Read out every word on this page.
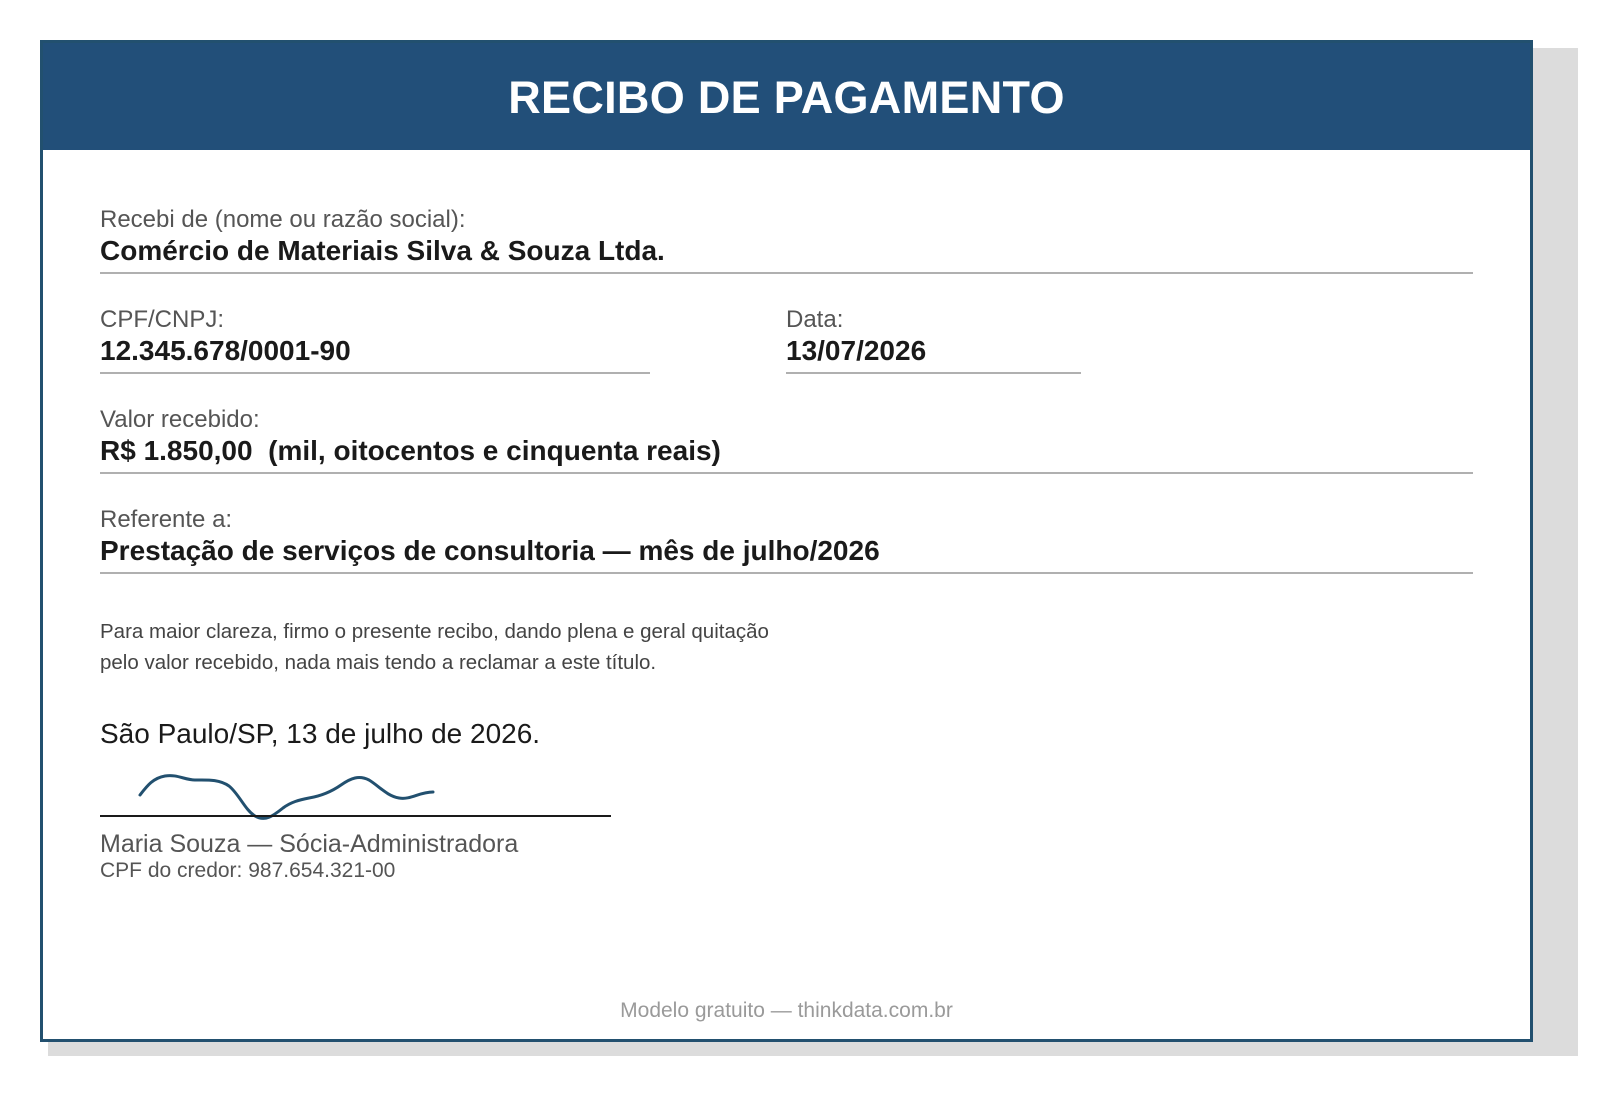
RECIBO DE PAGAMENTO
Recebi de (nome ou razão social):
Comércio de Materiais Silva & Souza Ltda.
CPF/CNPJ:
12.345.678/0001-90
Data:
13/07/2026
Valor recebido:
R$ 1.850,00  (mil, oitocentos e cinquenta reais)
Referente a:
Prestação de serviços de consultoria — mês de julho/2026
Para maior clareza, firmo o presente recibo, dando plena e geral quitação
pelo valor recebido, nada mais tendo a reclamar a este título.
São Paulo/SP, 13 de julho de 2026.
Maria Souza — Sócia-Administradora
CPF do credor: 987.654.321-00
Modelo gratuito — thinkdata.com.br
